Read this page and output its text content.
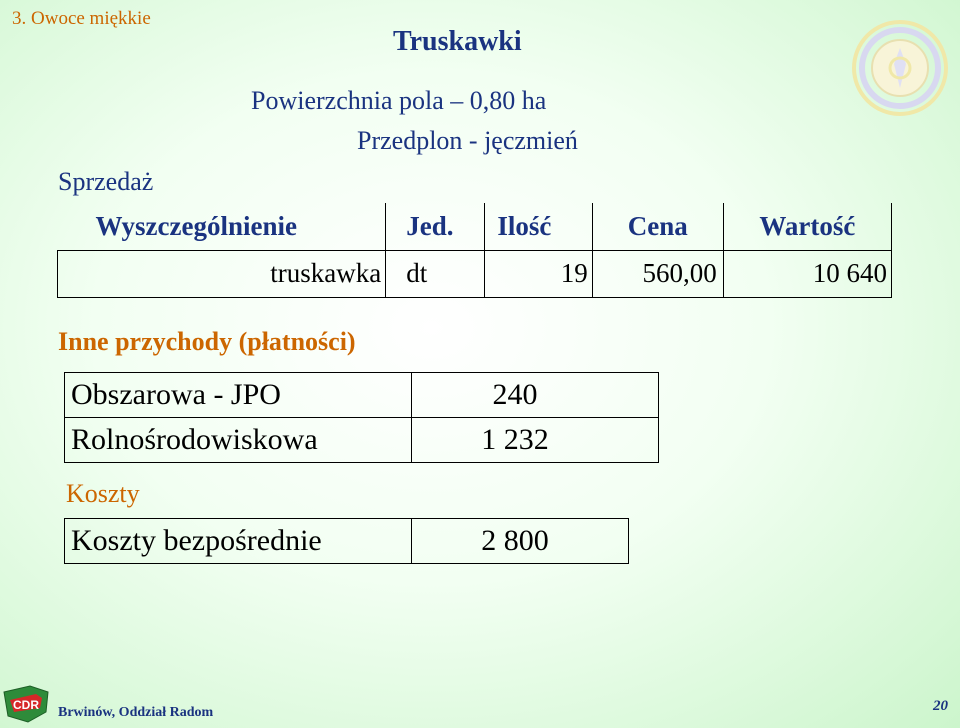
3. Owoce miękkie
Truskawki
Powierzchnia pola – 0,80 ha
Przedplon - jęczmień
Sprzedaż
Wyszczególnienie	Jed.	Ilość	Cena	Wartość
truskawka	dt	19	560,00	10 640
Inne przychody (płatności)
Obszarowa - JPO	240
Rolnośrodowiskowa	1 232
Koszty
Koszty bezpośrednie	2 800
CDR Brwinów, Oddział Radom	20
